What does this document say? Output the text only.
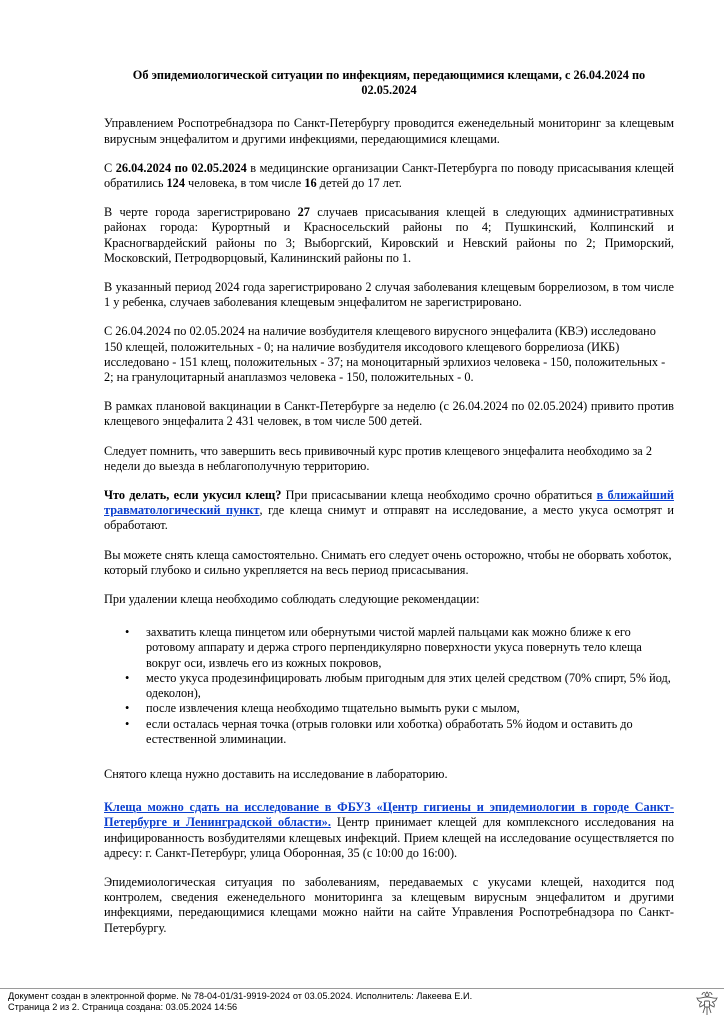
Об эпидемиологической ситуации по инфекциям, передающимися клещами, с 26.04.2024 по 02.05.2024

Управлением Роспотребнадзора по Санкт-Петербургу проводится еженедельный мониторинг за клещевым вирусным энцефалитом и другими инфекциями, передающимися клещами.

С 26.04.2024 по 02.05.2024 в медицинские организации Санкт-Петербурга по поводу присасывания клещей обратились 124 человека, в том числе 16 детей до 17 лет.

В черте города зарегистрировано 27 случаев присасывания клещей в следующих административных районах города: Курортный и Красносельский районы по 4; Пушкинский, Колпинский и Красногвардейский районы по 3; Выборгский, Кировский и Невский районы по 2; Приморский, Московский, Петродворцовый, Калининский районы по 1.

В указанный период 2024 года зарегистрировано 2 случая заболевания клещевым боррелиозом, в том числе 1 у ребенка, случаев заболевания клещевым энцефалитом не зарегистрировано.

С 26.04.2024 по 02.05.2024 на наличие возбудителя клещевого вирусного энцефалита (КВЭ) исследовано 150 клещей, положительных - 0; на наличие возбудителя иксодового клещевого боррелиоза (ИКБ) исследовано - 151 клещ, положительных - 37; на моноцитарный эрлихиоз человека - 150, положительных - 2; на гранулоцитарный анаплазмоз человека - 150, положительных - 0.

В рамках плановой вакцинации в Санкт-Петербурге за неделю (с 26.04.2024 по 02.05.2024) привито против клещевого энцефалита 2 431 человек, в том числе 500 детей.

Следует помнить, что завершить весь прививочный курс против клещевого энцефалита необходимо за 2 недели до выезда в неблагополучную территорию.

Что делать, если укусил клещ? При присасывании клеща необходимо срочно обратиться в ближайший травматологический пункт, где клеща снимут и отправят на исследование, а место укуса осмотрят и обработают.

Вы можете снять клеща самостоятельно. Снимать его следует очень осторожно, чтобы не оборвать хоботок, который глубоко и сильно укрепляется на весь период присасывания.

При удалении клеща необходимо соблюдать следующие рекомендации:

• захватить клеща пинцетом или обернутыми чистой марлей пальцами как можно ближе к его ротовому аппарату и держа строго перпендикулярно поверхности укуса повернуть тело клеща вокруг оси, извлечь его из кожных покровов,
• место укуса продезинфицировать любым пригодным для этих целей средством (70% спирт, 5% йод, одеколон),
• после извлечения клеща необходимо тщательно вымыть руки с мылом,
• если осталась черная точка (отрыв головки или хоботка) обработать 5% йодом и оставить до естественной элиминации.

Снятого клеща нужно доставить на исследование в лабораторию.

Клеща можно сдать на исследование в ФБУЗ «Центр гигиены и эпидемиологии в городе Санкт-Петербурге и Ленинградской области». Центр принимает клещей для комплексного исследования на инфицированность возбудителями клещевых инфекций. Прием клещей на исследование осуществляется по адресу: г. Санкт-Петербург, улица Оборонная, 35 (с 10:00 до 16:00).

Эпидемиологическая ситуация по заболеваниям, передаваемых с укусами клещей, находится под контролем, сведения еженедельного мониторинга за клещевым вирусным энцефалитом и другими инфекциями, передающимися клещами можно найти на сайте Управления Роспотребнадзора по Санкт-Петербургу.

Документ создан в электронной форме. № 78-04-01/31-9919-2024 от 03.05.2024. Исполнитель: Лакеева Е.И.
Страница 2 из 2. Страница создана: 03.05.2024 14:56
